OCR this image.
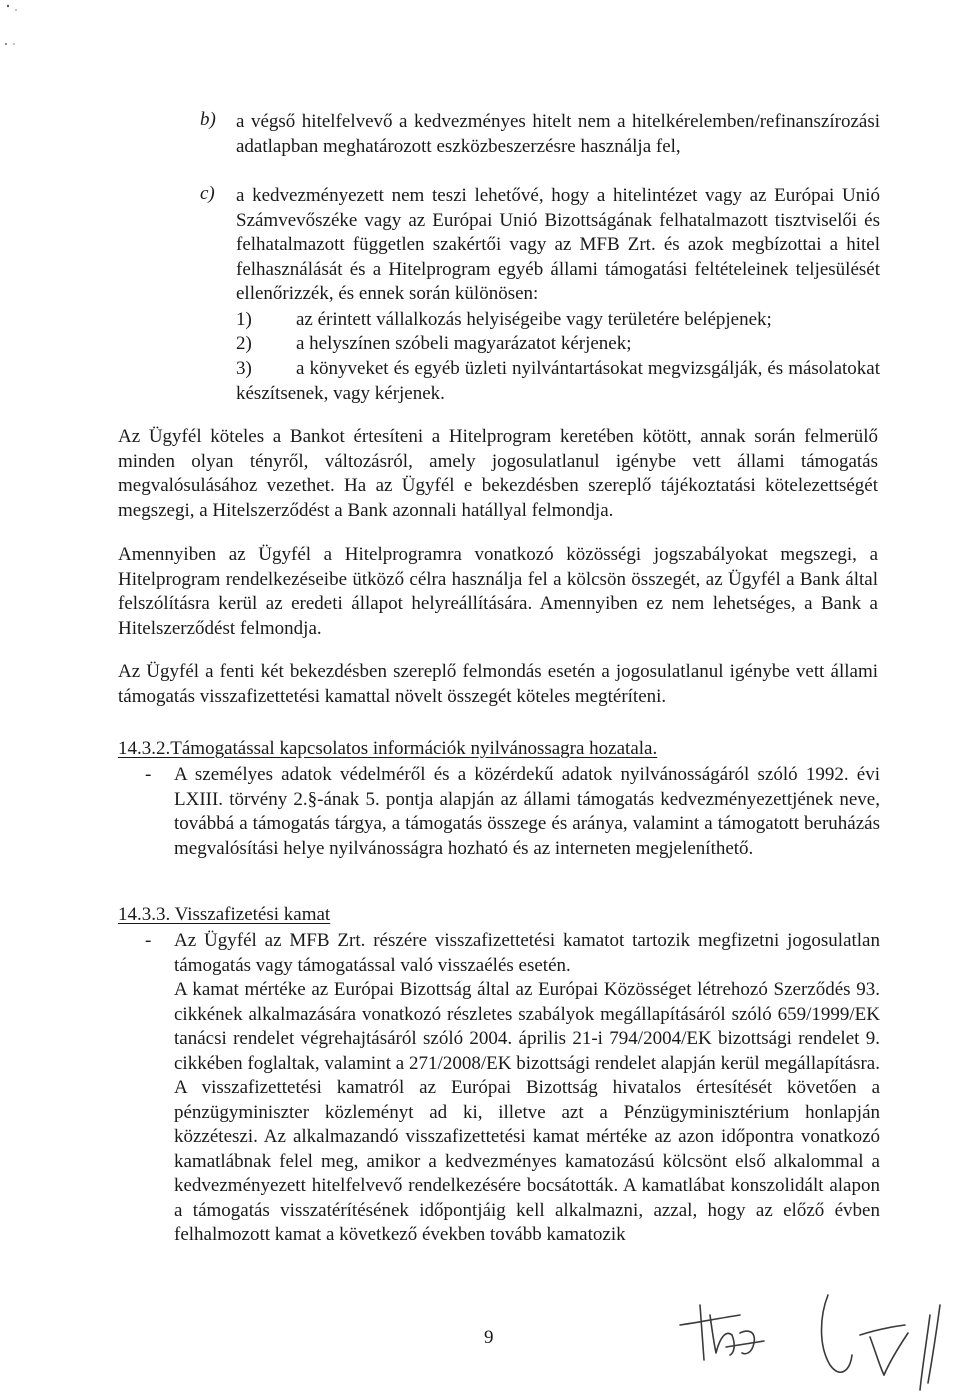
b) a végső hitelfelvevő a kedvezményes hitelt nem a hitelkérelemben/refinanszírozási adatlapban meghatározott eszközbeszerzésre használja fel,

c) a kedvezményezett nem teszi lehetővé, hogy a hitelintézet vagy az Európai Unió Számvevőszéke vagy az Európai Unió Bizottságának felhatalmazott tisztviselői és felhatalmazott független szakértői vagy az MFB Zrt. és azok megbízottai a hitel felhasználását és a Hitelprogram egyéb állami támogatási feltételeinek teljesülését ellenőrizzék, és ennek során különösen:

1) az érintett vállalkozás helyiségeibe vagy területére belépjenek;

2) a helyszínen szóbeli magyarázatot kérjenek;

3)	a könyveket és egyéb üzleti nyilvántartásokat megvizsgálják, és másolatokat készítsenek, vagy kérjenek.

Az Ügyfél köteles a Bankot értesíteni a Hitelprogram keretében kötött, annak során felmerülő minden olyan tényről, változásról, amely jogosulatlanul igénybe vett állami támogatás megvalósulásához vezethet. Ha az Ügyfél e bekezdésben szereplő tájékoztatási kötelezettségét megszegi, a Hitelszerződést a Bank azonnali hatállyal felmondja.

Amennyiben az Ügyfél a Hitelprogramra vonatkozó közösségi jogszabályokat megszegi, a Hitelprogram rendelkezéseibe ütköző célra használja fel a kölcsön összegét, az Ügyfél a Bank által felszólításra kerül az eredeti állapot helyreállítására. Amennyiben ez nem lehetséges, a Bank a Hitelszerződést felmondja.

Az Ügyfél a fenti két bekezdésben szereplő felmondás esetén a jogosulatlanul igénybe vett állami támogatás visszafizettetési kamattal növelt összegét köteles megtéríteni.

14.3.2.Támogatással kapcsolatos információk nyilvánossagra hozatala.

- A személyes adatok védelméről és a közérdekű adatok nyilvánosságáról szóló 1992. évi LXIII. törvény 2.§-ának 5. pontja alapján az állami támogatás kedvezményezettjének neve, továbbá a támogatás tárgya, a támogatás összege és aránya, valamint a támogatott beruházás megvalósítási helye nyilvánosságra hozható és az interneten megjeleníthető.

14.3.3. Visszafizetési kamat

- Az Ügyfél az MFB Zrt. részére visszafizettetési kamatot tartozik megfizetni jogosulatlan támogatás vagy támogatással való visszaélés esetén.

A kamat mértéke az Európai Bizottság által az Európai Közösséget létrehozó Szerződés 93. cikkének alkalmazására vonatkozó részletes szabályok megállapításáról szóló 659/1999/EK tanácsi rendelet végrehajtásáról szóló 2004. április 21-i 794/2004/EK bizottsági rendelet 9. cikkében foglaltak, valamint a 271/2008/EK bizottsági rendelet alapján kerül megállapításra. A visszafizettetési kamatról az Európai Bizottság hivatalos értesítését követően a pénzügyminiszter közleményt ad ki, illetve azt a Pénzügyminisztérium honlapján közzéteszi. Az alkalmazandó visszafizettetési kamat mértéke az azon időpontra vonatkozó kamatlábnak felel meg, amikor a kedvezményes kamatozású kölcsönt első alkalommal a kedvezményezett hitelfelvevő rendelkezésére bocsátották. A kamatlábat konszolidált alapon a támogatás visszatérítésének időpontjáig kell alkalmazni, azzal, hogy az előző évben felhalmozott kamat a következő években tovább kamatozik

9
